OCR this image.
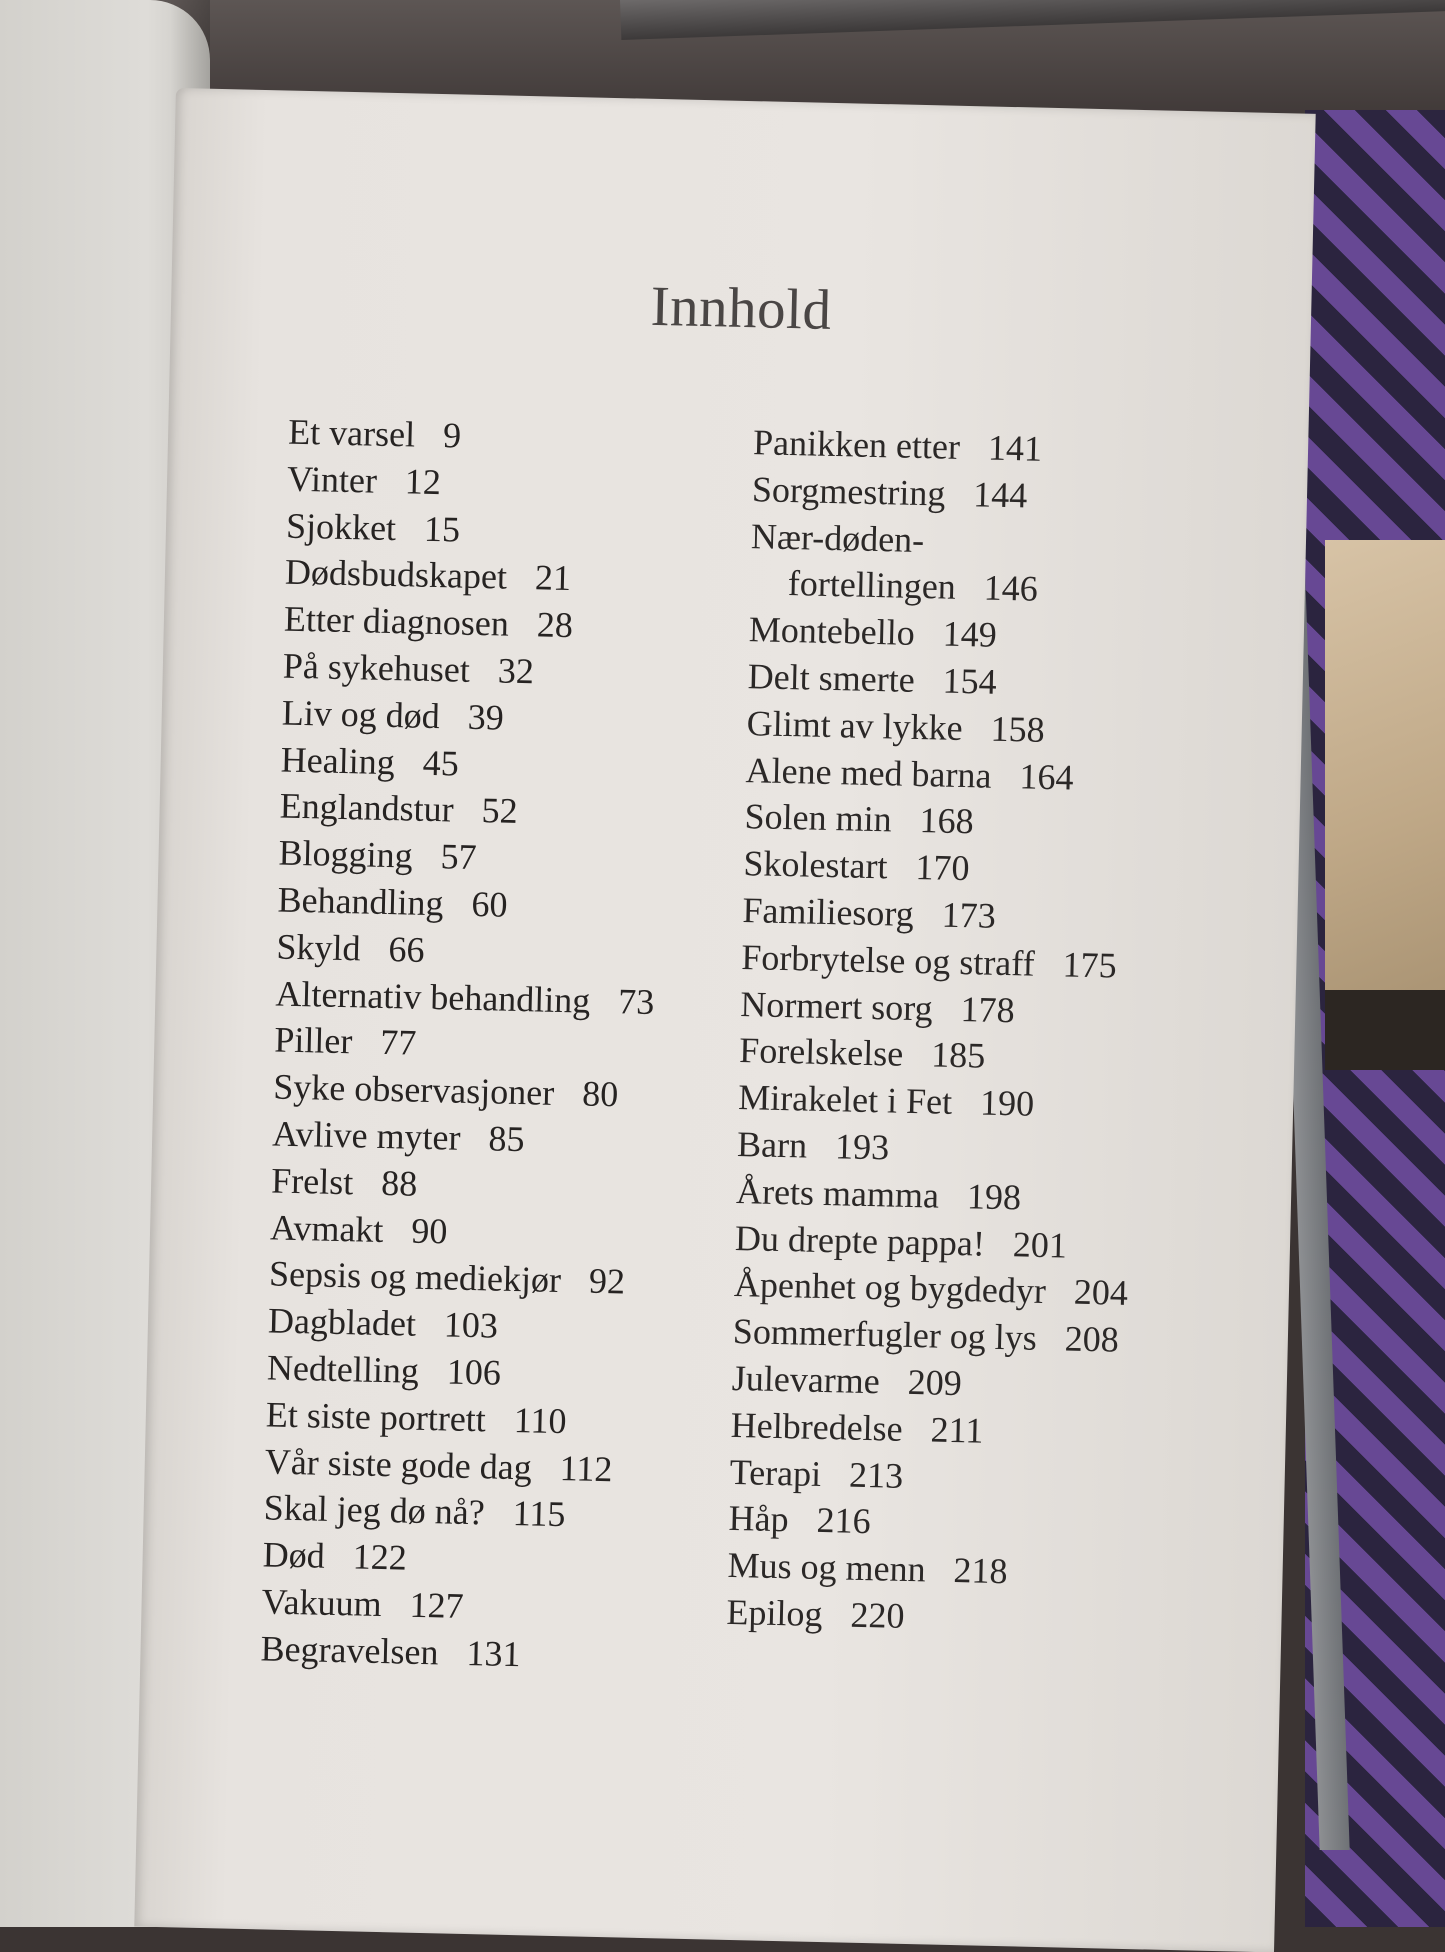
Innhold
Et varsel 9
Vinter 12
Sjokket 15
Dødsbudskapet 21
Etter diagnosen 28
På sykehuset 32
Liv og død 39
Healing 45
Englandstur 52
Blogging 57
Behandling 60
Skyld 66
Alternativ behandling 73
Piller 77
Syke observasjoner 80
Avlive myter 85
Frelst 88
Avmakt 90
Sepsis og mediekjør 92
Dagbladet 103
Nedtelling 106
Et siste portrett 110
Vår siste gode dag 112
Skal jeg dø nå? 115
Død 122
Vakuum 127
Begravelsen 131
Panikken etter 141
Sorgmestring 144
Nær-døden-
fortellingen 146
Montebello 149
Delt smerte 154
Glimt av lykke 158
Alene med barna 164
Solen min 168
Skolestart 170
Familiesorg 173
Forbrytelse og straff 175
Normert sorg 178
Forelskelse 185
Mirakelet i Fet 190
Barn 193
Årets mamma 198
Du drepte pappa! 201
Åpenhet og bygdedyr 204
Sommerfugler og lys 208
Julevarme 209
Helbredelse 211
Terapi 213
Håp 216
Mus og menn 218
Epilog 220
